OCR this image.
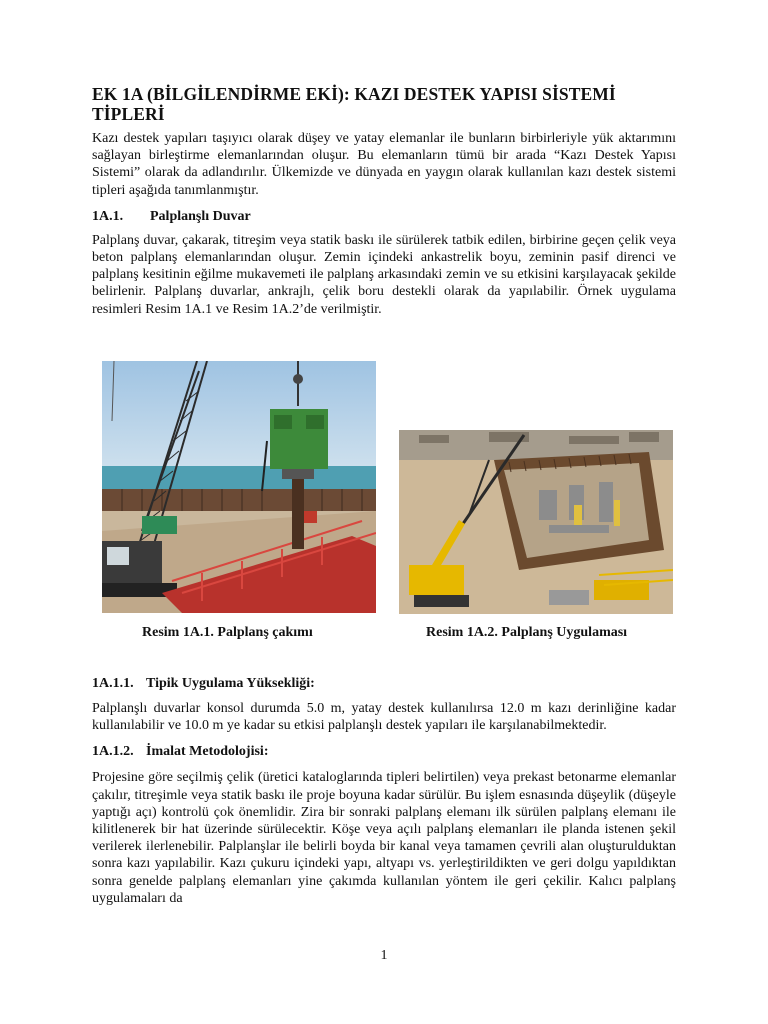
EK 1A (BİLGİLENDİRME EKİ): KAZI DESTEK YAPISI SİSTEMİ TİPLERİ

Kazı destek yapıları taşıyıcı olarak düşey ve yatay elemanlar ile bunların birbirleriyle yük aktarımını sağlayan birleştirme elemanlarından oluşur. Bu elemanların tümü bir arada “Kazı Destek Yapısı Sistemi” olarak da adlandırılır. Ülkemizde ve dünyada en yaygın olarak kullanılan kazı destek sistemi tipleri aşağıda tanımlanmıştır.

1A.1. Palplanşlı Duvar

Palplanş duvar, çakarak, titreşim veya statik baskı ile sürülerek tatbik edilen, birbirine geçen çelik veya beton palplanş elemanlarından oluşur. Zemin içindeki ankastrelik boyu, zeminin pasif direnci ve palplanş kesitinin eğilme mukavemeti ile palplanş arkasındaki zemin ve su etkisini karşılayacak şekilde belirlenir. Palplanş duvarlar, ankrajlı, çelik boru destekli olarak da yapılabilir. Örnek uygulama resimleri Resim 1A.1 ve Resim 1A.2’de verilmiştir.

Resim 1A.1. Palplanş çakımı	Resim 1A.2. Palplanş Uygulaması
1A.1.1. Tipik Uygulama Yüksekliği:

Palplanşlı duvarlar konsol durumda 5.0 m, yatay destek kullanılırsa 12.0 m kazı derinliğine kadar kullanılabilir ve 10.0 m ye kadar su etkisi palplanşlı destek yapıları ile karşılanabilmektedir.

1A.1.2. İmalat Metodolojisi:

Projesine göre seçilmiş çelik (üretici kataloglarında tipleri belirtilen) veya prekast betonarme elemanlar çakılır, titreşimle veya statik baskı ile proje boyuna kadar sürülür. Bu işlem esnasında düşeylik (düşeyle yaptığı açı) kontrolü çok önemlidir. Zira bir sonraki palplanş elemanı ilk sürülen palplanş elemanı ile kilitlenerek bir hat üzerinde sürülecektir. Köşe veya açılı palplanş elemanları ile planda istenen şekil verilerek ilerlenebilir. Palplanşlar ile belirli boyda bir kanal veya tamamen çevrili alan oluşturulduktan sonra kazı yapılabilir. Kazı çukuru içindeki yapı, altyapı vs. yerleştirildikten ve geri dolgu yapıldıktan sonra genelde palplanş elemanları yine çakımda kullanılan yöntem ile geri çekilir. Kalıcı palplanş uygulamaları da

1
